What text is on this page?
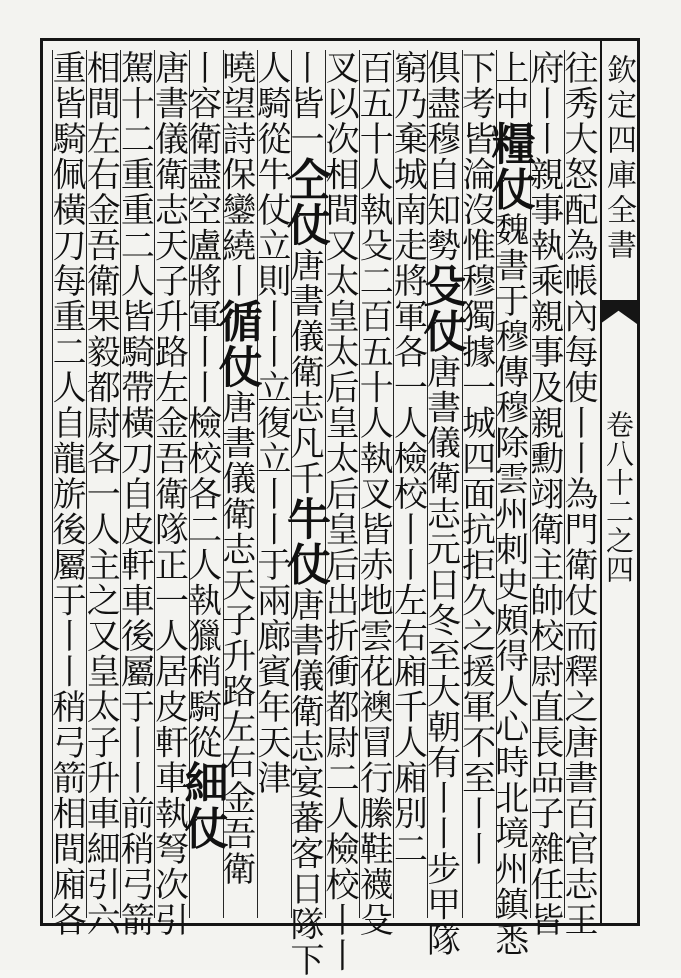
欽定四庫全書
卷八十二之四
往秀大怒配為帳內每使丨丨為門衛仗而釋之唐書百官志王
府丨丨親事執乘親事及親勳翊衛主帥校尉直長品子雜任皆
上中糧仗魏書于穆傳穆除雲州刺史頗得人心時北境州鎮悉
下考皆淪沒惟穆獨據一城四面抗拒久之援軍不至丨丨
俱盡穆自知勢殳仗唐書儀衛志元日冬至大朝有丨丨步甲隊
窮乃棄城南走將軍各一人檢校丨丨左右廂千人廂別二
百五十人執殳二百五十人執叉皆赤地雲花襖冒行縢鞋襪殳
叉以次相間又太皇太后皇太后皇后出折衝都尉二人檢校丨丨
丨皆一仝仗唐書儀衛志凡千牛仗唐書儀衛志宴蕃客日隊下
人騎從牛仗立則丨丨立復立丨丨于兩廊賓年天津
曉望詩保鑾繞丨循仗唐書儀衛志天子升路左右金吾衛
丨容衛盡空盧將軍丨丨檢校各二人執獵稍騎從細仗
唐書儀衛志天子升路左金吾衛隊正一人居皮軒車執弩次引
駕十二重重二人皆騎帶橫刀自皮軒車後屬于丨丨前稍弓箭
相間左右金吾衛果毅都尉各一人主之又皇太子升車細引六
重皆騎佩橫刀每重二人自龍旂後屬于丨丨稍弓箭相間廂各
